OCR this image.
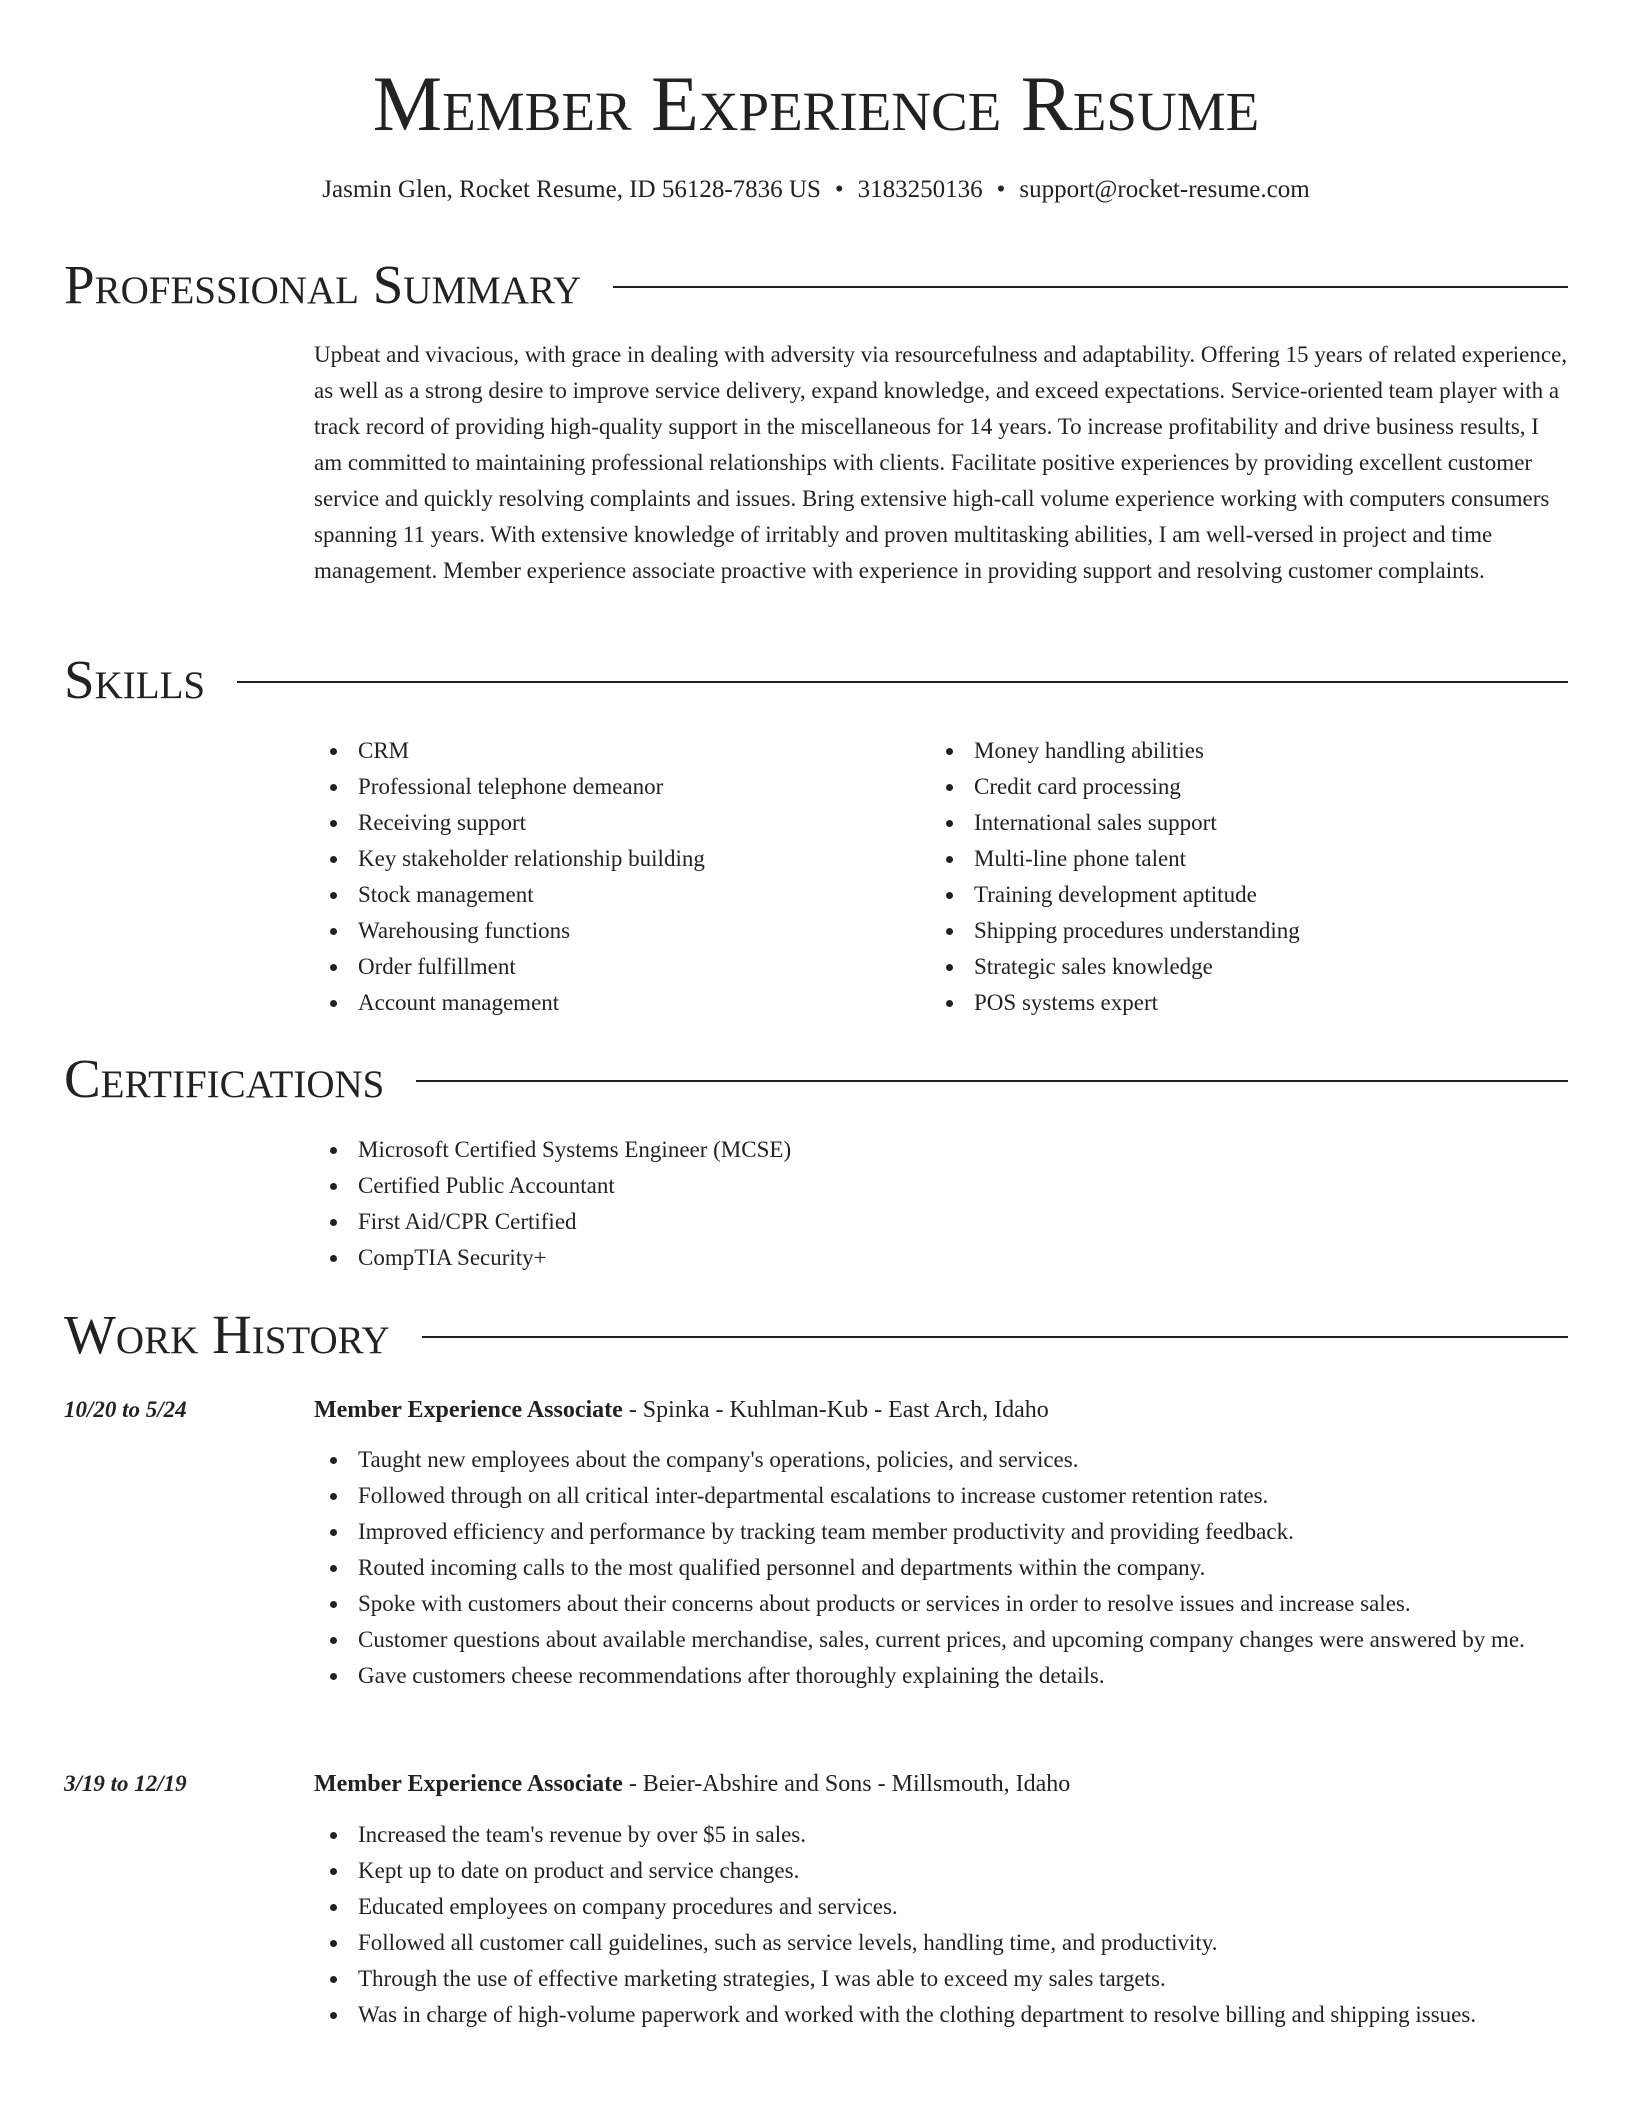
Member Experience Resume
Jasmin Glen, Rocket Resume, ID 56128-7836 US • 3183250136 • support@rocket-resume.com
Professional Summary

Upbeat and vivacious, with grace in dealing with adversity via resourcefulness and adaptability. Offering 15 years of related experience, as well as a strong desire to improve service delivery, expand knowledge, and exceed expectations. Service-oriented team player with a track record of providing high-quality support in the miscellaneous for 14 years. To increase profitability and drive business results, I am committed to maintaining professional relationships with clients. Facilitate positive experiences by providing excellent customer service and quickly resolving complaints and issues. Bring extensive high-call volume experience working with computers consumers spanning 11 years. With extensive knowledge of irritably and proven multitasking abilities, I am well-versed in project and time management. Member experience associate proactive with experience in providing support and resolving customer complaints.

Skills
CRM
Professional telephone demeanor
Receiving support
Key stakeholder relationship building
Stock management
Warehousing functions
Order fulfillment
Account management
Money handling abilities
Credit card processing
International sales support
Multi-line phone talent
Training development aptitude
Shipping procedures understanding
Strategic sales knowledge
POS systems expert
Certifications
Microsoft Certified Systems Engineer (MCSE)
Certified Public Accountant
First Aid/CPR Certified
CompTIA Security+
Work History
10/20 to 5/24	Member Experience Associate - Spinka - Kuhlman-Kub - East Arch, Idaho
Taught new employees about the company's operations, policies, and services.
Followed through on all critical inter-departmental escalations to increase customer retention rates.
Improved efficiency and performance by tracking team member productivity and providing feedback.
Routed incoming calls to the most qualified personnel and departments within the company.
Spoke with customers about their concerns about products or services in order to resolve issues and increase sales.
Customer questions about available merchandise, sales, current prices, and upcoming company changes were answered by me.
Gave customers cheese recommendations after thoroughly explaining the details.
3/19 to 12/19	Member Experience Associate - Beier-Abshire and Sons - Millsmouth, Idaho
Increased the team's revenue by over $5 in sales.
Kept up to date on product and service changes.
Educated employees on company procedures and services.
Followed all customer call guidelines, such as service levels, handling time, and productivity.
Through the use of effective marketing strategies, I was able to exceed my sales targets.
Was in charge of high-volume paperwork and worked with the clothing department to resolve billing and shipping issues.
